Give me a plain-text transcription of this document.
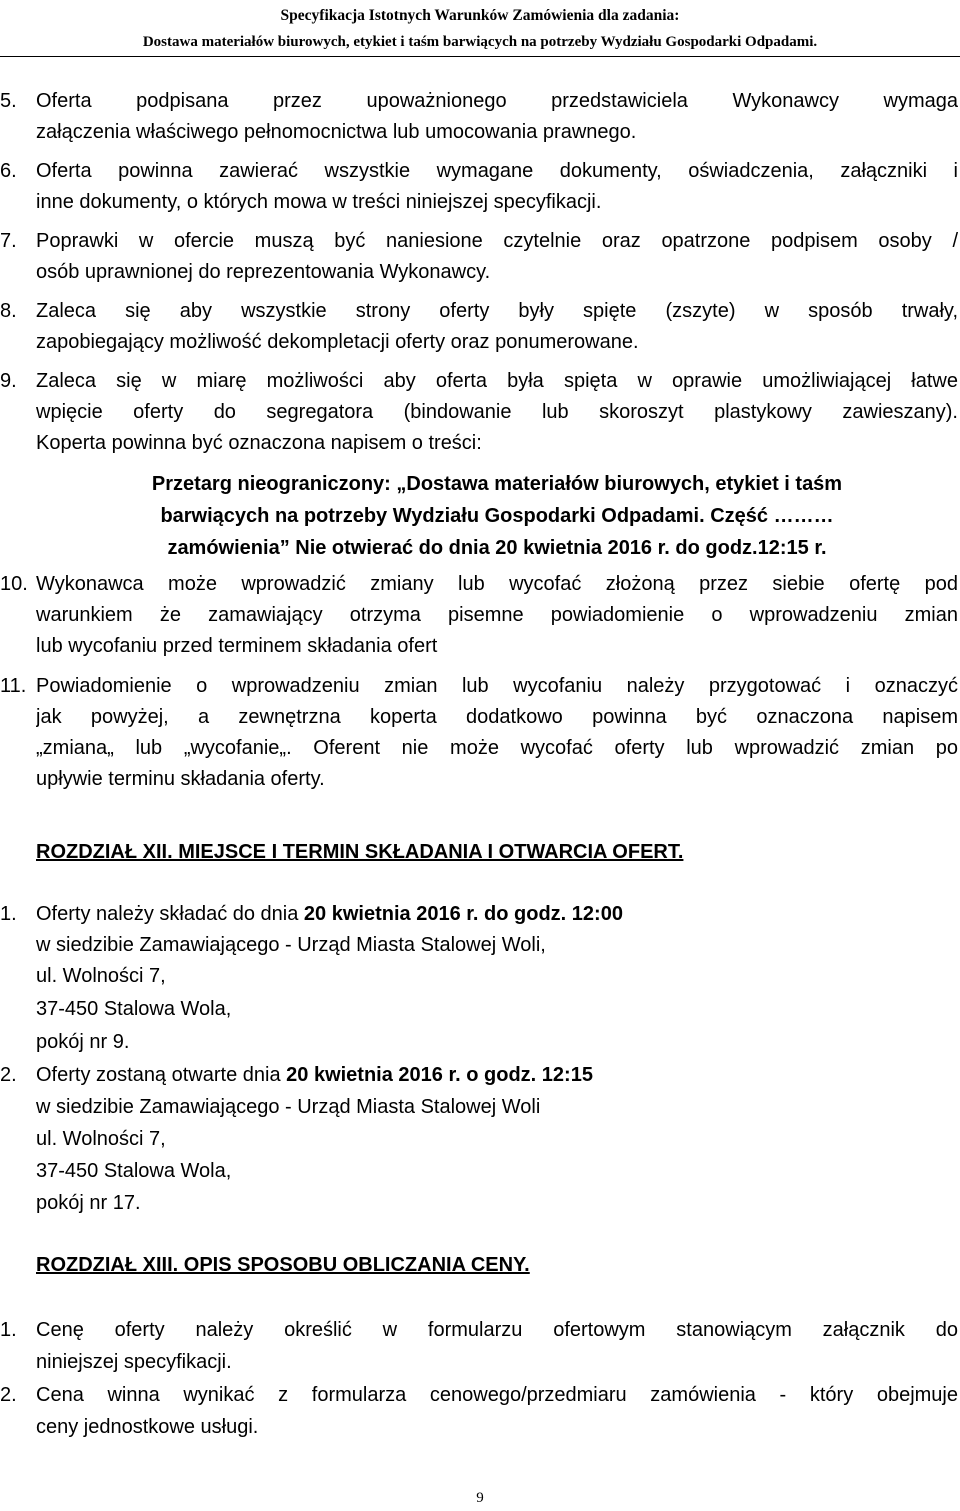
Specyfikacja Istotnych Warunków Zamówienia dla zadania:
Dostawa materiałów biurowych, etykiet i taśm barwiących na potrzeby Wydziału Gospodarki Odpadami.
5. Oferta podpisana przez upoważnionego przedstawiciela Wykonawcy wymaga
załączenia właściwego pełnomocnictwa lub umocowania prawnego.
6. Oferta powinna zawierać wszystkie wymagane dokumenty, oświadczenia, załączniki i
inne dokumenty, o których mowa w treści niniejszej specyfikacji.
7. Poprawki w ofercie muszą być naniesione czytelnie oraz opatrzone podpisem osoby /
osób uprawnionej do reprezentowania Wykonawcy.
8. Zaleca się aby wszystkie strony oferty były spięte (zszyte) w sposób trwały,
zapobiegający możliwość dekompletacji oferty oraz ponumerowane.
9. Zaleca się w miarę możliwości aby oferta była spięta w oprawie umożliwiającej łatwe
wpięcie oferty do segregatora (bindowanie lub skoroszyt plastykowy zawieszany).
Koperta powinna być oznaczona napisem o treści:
Przetarg nieograniczony: „Dostawa materiałów biurowych, etykiet i taśm
barwiących na potrzeby Wydziału Gospodarki Odpadami. Część ………
zamówienia” Nie otwierać do dnia 20 kwietnia 2016 r. do godz.12:15 r.
10. Wykonawca może wprowadzić zmiany lub wycofać złożoną przez siebie ofertę pod
warunkiem że zamawiający otrzyma pisemne powiadomienie o wprowadzeniu zmian
lub wycofaniu przed terminem składania ofert
11. Powiadomienie o wprowadzeniu zmian lub wycofaniu należy przygotować i oznaczyć
jak powyżej, a zewnętrzna koperta dodatkowo powinna być oznaczona napisem
„zmiana„ lub „wycofanie„. Oferent nie może wycofać oferty lub wprowadzić zmian po
upływie terminu składania oferty.
ROZDZIAŁ XII. MIEJSCE I TERMIN SKŁADANIA I OTWARCIA OFERT.
1. Oferty należy składać do dnia 20 kwietnia 2016 r. do godz. 12:00
w siedzibie Zamawiającego - Urząd Miasta Stalowej Woli,
ul. Wolności 7,
37-450 Stalowa Wola,
pokój nr 9.
2. Oferty zostaną otwarte dnia 20 kwietnia 2016 r. o godz. 12:15
w siedzibie Zamawiającego - Urząd Miasta Stalowej Woli
ul. Wolności 7,
37-450 Stalowa Wola,
pokój nr 17.
ROZDZIAŁ XIII. OPIS SPOSOBU OBLICZANIA CENY.
1. Cenę oferty należy określić w formularzu ofertowym stanowiącym załącznik do
niniejszej specyfikacji.
2. Cena winna wynikać z formularza cenowego/przedmiaru zamówienia - który obejmuje
ceny jednostkowe usługi.
9
